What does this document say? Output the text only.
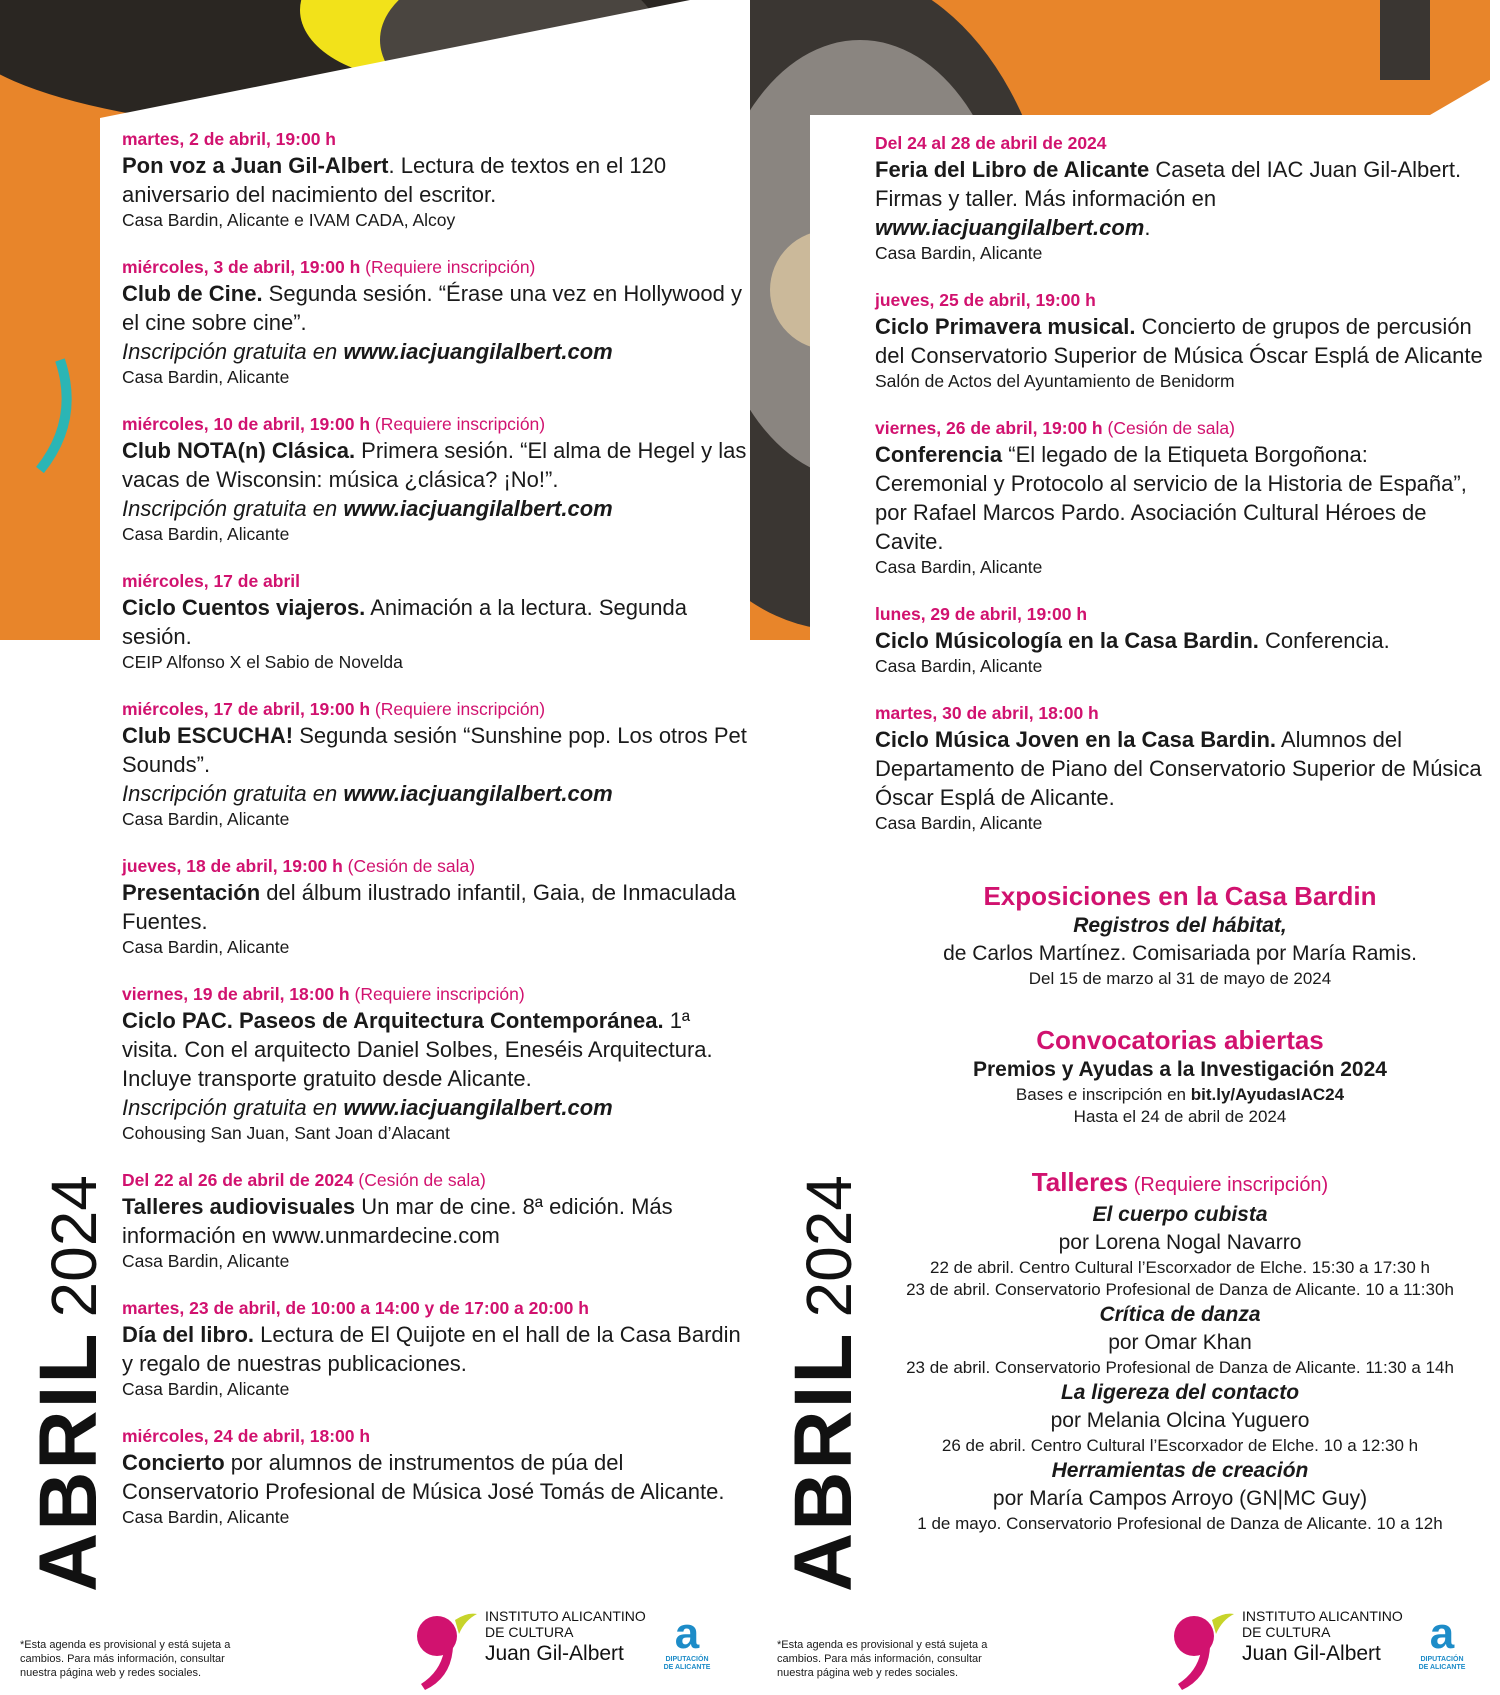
ABRIL2024
ABRIL2024
martes, 2 de abril, 19:00 h
Pon voz a Juan Gil-Albert. Lectura de textos en el 120 aniversario del nacimiento del escritor.
Casa Bardin, Alicante e IVAM CADA, Alcoy
miércoles, 3 de abril, 19:00 h (Requiere inscripción)
Club de Cine. Segunda sesión. “Érase una vez en Hollywood y el cine sobre cine”.
Inscripción gratuita en www.iacjuangilalbert.com
Casa Bardin, Alicante
miércoles, 10 de abril, 19:00 h (Requiere inscripción)
Club NOTA(n) Clásica. Primera sesión. “El alma de Hegel y las vacas de Wisconsin: música ¿clásica? ¡No!”.
Inscripción gratuita en www.iacjuangilalbert.com
Casa Bardin, Alicante
miércoles, 17 de abril
Ciclo Cuentos viajeros. Animación a la lectura. Segunda sesión.
CEIP Alfonso X el Sabio de Novelda
miércoles, 17 de abril, 19:00 h (Requiere inscripción)
Club ESCUCHA! Segunda sesión “Sunshine pop. Los otros Pet Sounds”.
Inscripción gratuita en www.iacjuangilalbert.com
Casa Bardin, Alicante
jueves, 18 de abril, 19:00 h (Cesión de sala)
Presentación del álbum ilustrado infantil, Gaia, de Inmaculada Fuentes.
Casa Bardin, Alicante
viernes, 19 de abril, 18:00 h (Requiere inscripción)
Ciclo PAC. Paseos de Arquitectura Contemporánea. 1ª visita. Con el arquitecto Daniel Solbes, Eneséis Arquitectura. Incluye transporte gratuito desde Alicante.
Inscripción gratuita en www.iacjuangilalbert.com
Cohousing San Juan, Sant Joan d’Alacant
Del 22 al 26 de abril de 2024 (Cesión de sala)
Talleres audiovisuales Un mar de cine. 8ª edición. Más información en www.unmardecine.com
Casa Bardin, Alicante
martes, 23 de abril, de 10:00 a 14:00 y de 17:00 a 20:00 h
Día del libro. Lectura de El Quijote en el hall de la Casa Bardin y regalo de nuestras publicaciones.
Casa Bardin, Alicante
miércoles, 24 de abril, 18:00 h
Concierto por alumnos de instrumentos de púa del Conservatorio Profesional de Música José Tomás de Alicante.
Casa Bardin, Alicante
Del 24 al 28 de abril de 2024
Feria del Libro de Alicante Caseta del IAC Juan Gil-Albert. Firmas y taller. Más información en www.iacjuangilalbert.com.
Casa Bardin, Alicante
jueves, 25 de abril, 19:00 h
Ciclo Primavera musical. Concierto de grupos de percusión del Conservatorio Superior de Música Óscar Esplá de Alicante
Salón de Actos del Ayuntamiento de Benidorm
viernes, 26 de abril, 19:00 h (Cesión de sala)
Conferencia “El legado de la Etiqueta Borgoñona: Ceremonial y Protocolo al servicio de la Historia de España”, por Rafael Marcos Pardo. Asociación Cultural Héroes de Cavite.
Casa Bardin, Alicante
lunes, 29 de abril, 19:00 h
Ciclo Músicología en la Casa Bardin. Conferencia.
Casa Bardin, Alicante
martes, 30 de abril, 18:00 h
Ciclo Música Joven en la Casa Bardin. Alumnos del Departamento de Piano del Conservatorio Superior de Música Óscar Esplá de Alicante.
Casa Bardin, Alicante
Exposiciones en la Casa Bardin
Registros del hábitat,
de Carlos Martínez. Comisariada por María Ramis.
Del 15 de marzo al 31 de mayo de 2024
Convocatorias abiertas
Premios y Ayudas a la Investigación 2024
Bases e inscripción en bit.ly/AyudasIAC24
Hasta el 24 de abril de 2024
Talleres (Requiere inscripción)
El cuerpo cubista
por Lorena Nogal Navarro
22 de abril. Centro Cultural l’Escorxador de Elche. 15:30 a 17:30 h
23 de abril. Conservatorio Profesional de Danza de Alicante. 10 a 11:30h
Crítica de danza
por Omar Khan
23 de abril. Conservatorio Profesional de Danza de Alicante. 11:30 a 14h
La ligereza del contacto
por Melania Olcina Yuguero
26 de abril. Centro Cultural l’Escorxador de Elche. 10 a 12:30 h
Herramientas de creación
por María Campos Arroyo (GN|MC Guy)
1 de mayo. Conservatorio Profesional de Danza de Alicante. 10 a 12h
*Esta agenda es provisional y está sujeta a cambios. Para más información, consultar nuestra página web y redes sociales.
INSTITUTO ALICANTINO
DE CULTURA
Juan Gil-Albert	a
DIPUTACIÓN
DE ALICANTE
*Esta agenda es provisional y está sujeta a cambios. Para más información, consultar nuestra página web y redes sociales.
INSTITUTO ALICANTINO
DE CULTURA
Juan Gil-Albert	a
DIPUTACIÓN
DE ALICANTE
